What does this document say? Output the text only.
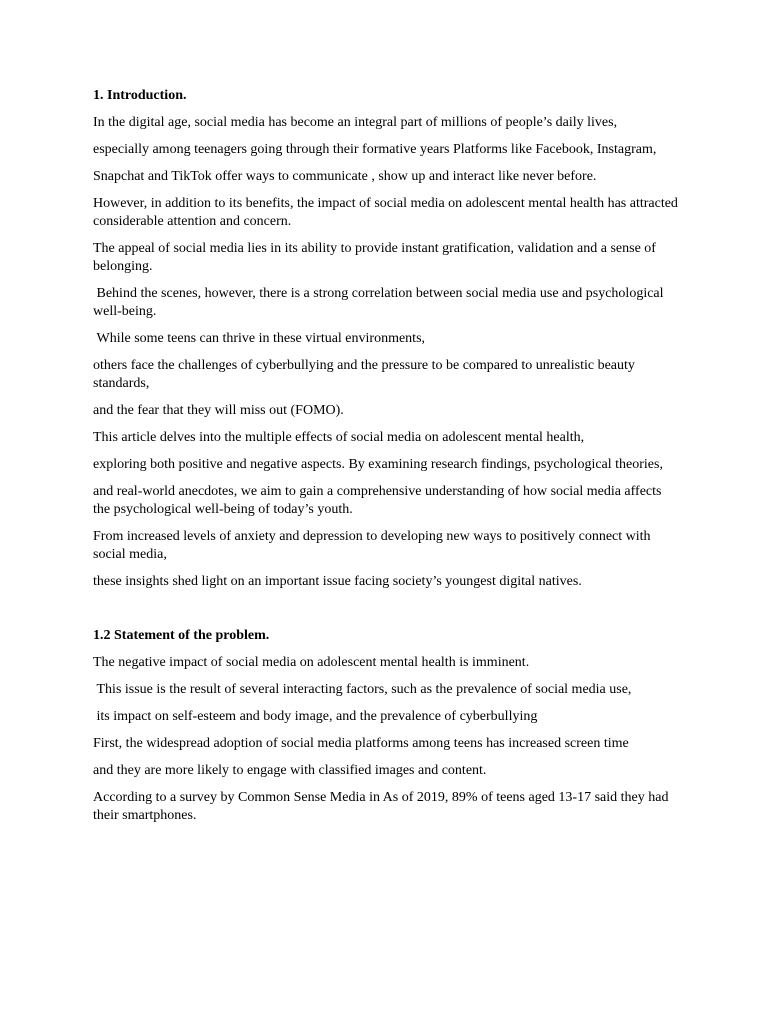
1. Introduction.

In the digital age, social media has become an integral part of millions of people’s daily lives,

especially among teenagers going through their formative years Platforms like Facebook, Instagram,

Snapchat and TikTok offer ways to communicate , show up and interact like never before.

However, in addition to its benefits, the impact of social media on adolescent mental health has attracted considerable attention and concern.

The appeal of social media lies in its ability to provide instant gratification, validation and a sense of belonging.

Behind the scenes, however, there is a strong correlation between social media use and psychological well-being.

While some teens can thrive in these virtual environments,

others face the challenges of cyberbullying and the pressure to be compared to unrealistic beauty standards,

and the fear that they will miss out (FOMO).

This article delves into the multiple effects of social media on adolescent mental health,

exploring both positive and negative aspects. By examining research findings, psychological theories,

and real-world anecdotes, we aim to gain a comprehensive understanding of how social media affects the psychological well-being of today’s youth.

From increased levels of anxiety and depression to developing new ways to positively connect with social media,

these insights shed light on an important issue facing society’s youngest digital natives.

1.2 Statement of the problem.

The negative impact of social media on adolescent mental health is imminent.

This issue is the result of several interacting factors, such as the prevalence of social media use,

its impact on self-esteem and body image, and the prevalence of cyberbullying

First, the widespread adoption of social media platforms among teens has increased screen time

and they are more likely to engage with classified images and content.

According to a survey by Common Sense Media in As of 2019, 89% of teens aged 13-17 said they had their smartphones.
